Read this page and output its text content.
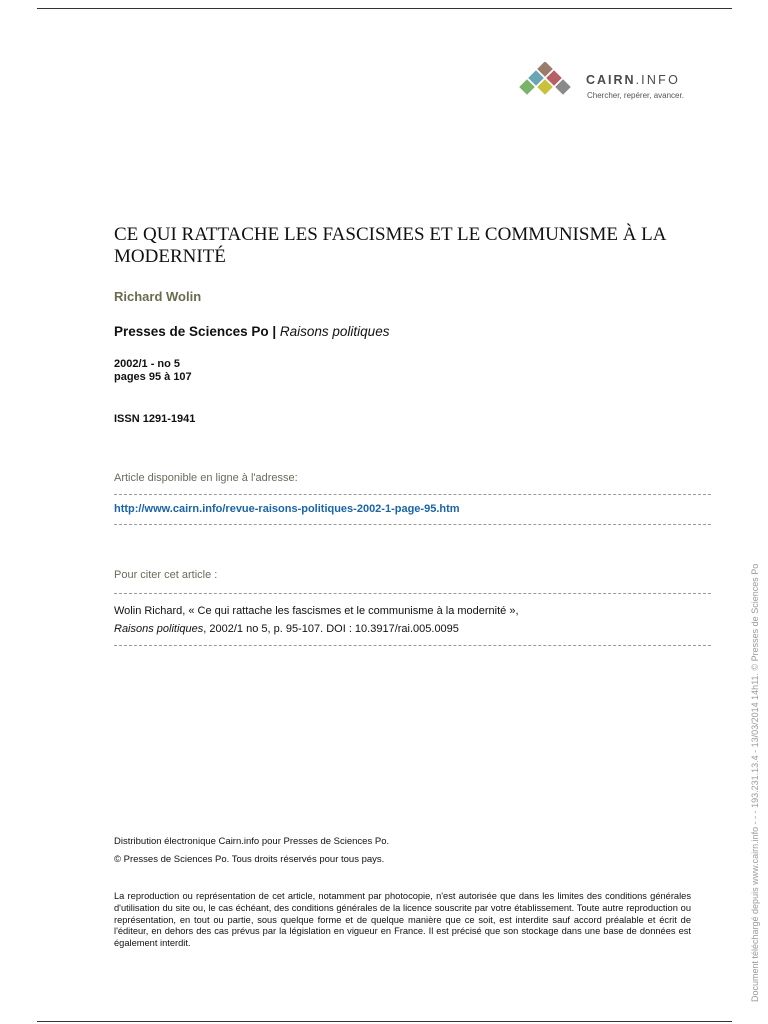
CAIRN.INFO
Chercher, repérer, avancer.
CE QUI RATTACHE LES FASCISMES ET LE COMMUNISME À LA MODERNITÉ
Richard Wolin
Presses de Sciences Po | Raisons politiques
2002/1 - no 5
pages 95 à 107
ISSN 1291-1941
Article disponible en ligne à l'adresse:
http://www.cairn.info/revue-raisons-politiques-2002-1-page-95.htm
Pour citer cet article :
Wolin Richard, « Ce qui rattache les fascismes et le communisme à la modernité »,
Raisons politiques, 2002/1 no 5, p. 95-107. DOI : 10.3917/rai.005.0095
Distribution électronique Cairn.info pour Presses de Sciences Po.
© Presses de Sciences Po. Tous droits réservés pour tous pays.
La reproduction ou représentation de cet article, notamment par photocopie, n'est autorisée que dans les limites des conditions générales d'utilisation du site ou, le cas échéant, des conditions générales de la licence souscrite par votre établissement. Toute autre reproduction ou représentation, en tout ou partie, sous quelque forme et de quelque manière que ce soit, est interdite sauf accord préalable et écrit de l'éditeur, en dehors des cas prévus par la législation en vigueur en France. Il est précisé que son stockage dans une base de données est également interdit.	Document téléchargé depuis www.cairn.info - - - 193.231.13.4 - 13/03/2014 14h11. © Presses de Sciences Po
